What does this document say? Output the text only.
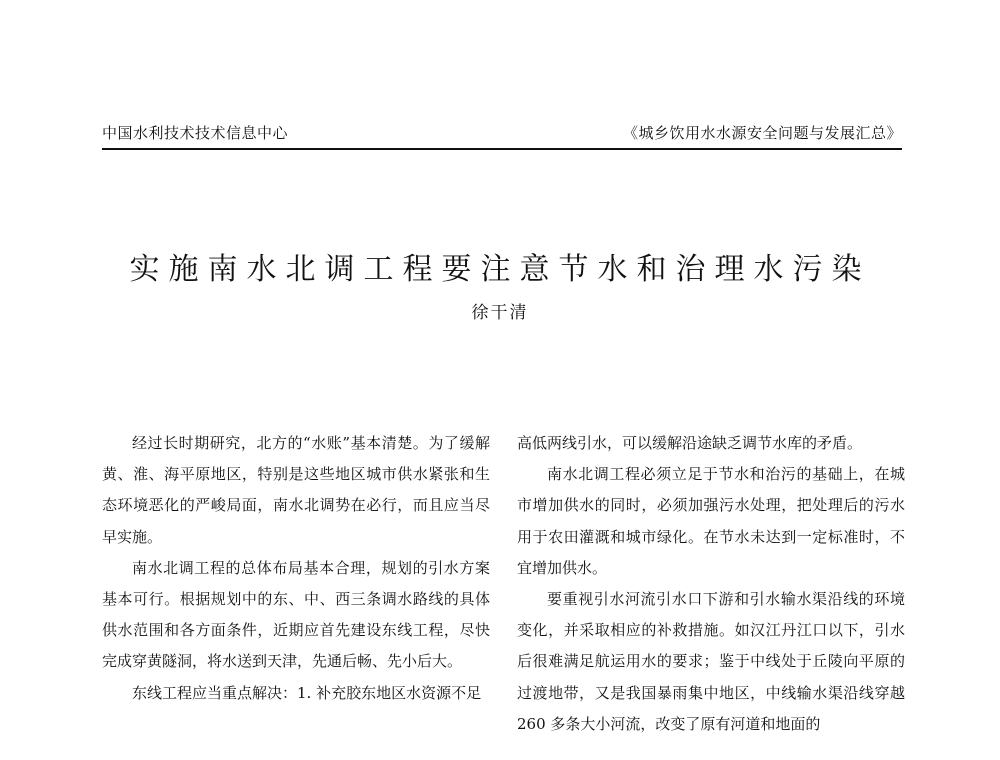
中国水利技术技术信息中心	《城乡饮用水水源安全问题与发展汇总》
实施南水北调工程要注意节水和治理水污染
徐干清

经过长时期研究，北方的“水账”基本清楚。为了缓解黄、淮、海平原地区，特别是这些地区城市供水紧张和生态环境恶化的严峻局面，南水北调势在必行，而且应当尽早实施。

南水北调工程的总体布局基本合理，规划的引水方案基本可行。根据规划中的东、中、西三条调水路线的具体供水范围和各方面条件，近期应首先建设东线工程，尽快完成穿黄隧洞，将水送到天津，先通后畅、先小后大。

东线工程应当重点解决：1. 补充胶东地区水资源不足

高低两线引水，可以缓解沿途缺乏调节水库的矛盾。

南水北调工程必须立足于节水和治污的基础上，在城市增加供水的同时，必须加强污水处理，把处理后的污水用于农田灌溉和城市绿化。在节水未达到一定标准时，不宜增加供水。

要重视引水河流引水口下游和引水输水渠沿线的环境变化，并采取相应的补救措施。如汉江丹江口以下，引水后很难满足航运用水的要求；鉴于中线处于丘陵向平原的过渡地带，又是我国暴雨集中地区，中线输水渠沿线穿越 260 多条大小河流，改变了原有河道和地面的
